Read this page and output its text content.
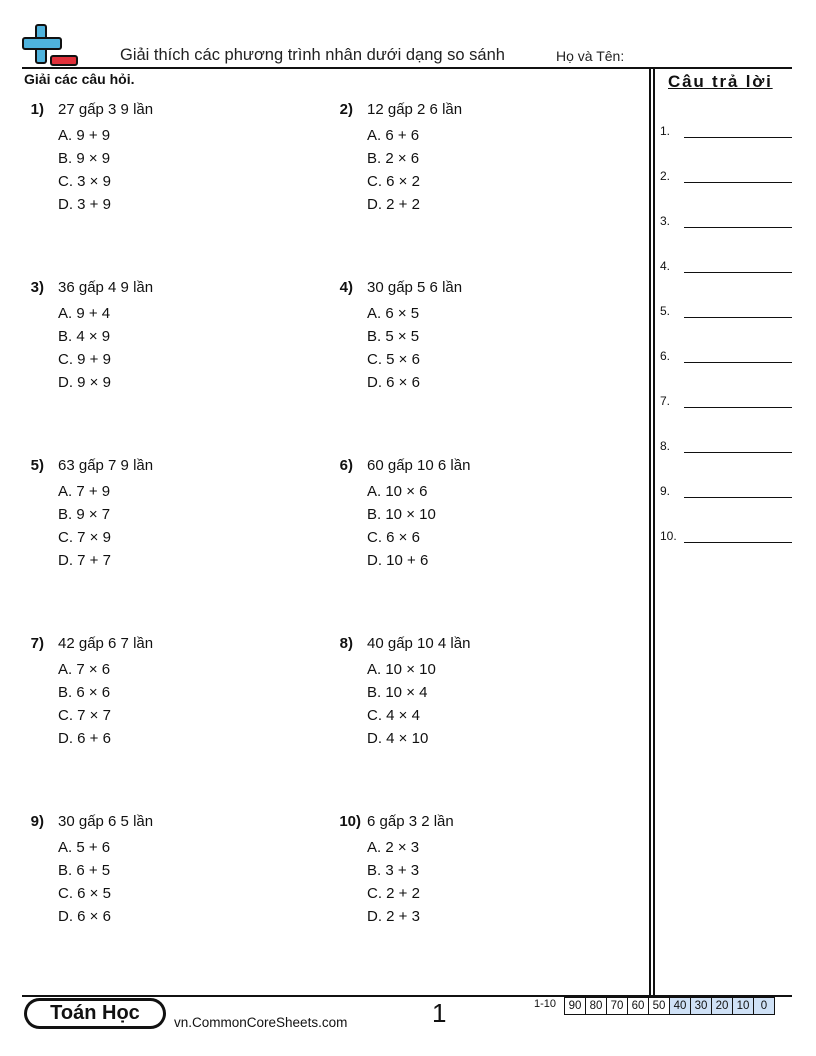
Giải thích các phương trình nhân dưới dạng so sánh	Họ và Tên:
Giải các câu hỏi.
1) 27 gấp 3 9 lần
A. 9 + 9
B. 9 × 9
C. 3 × 9
D. 3 + 9
2) 12 gấp 2 6 lần
A. 6 + 6
B. 2 × 6
C. 6 × 2
D. 2 + 2
3) 36 gấp 4 9 lần
A. 9 + 4
B. 4 × 9
C. 9 + 9
D. 9 × 9
4) 30 gấp 5 6 lần
A. 6 × 5
B. 5 × 5
C. 5 × 6
D. 6 × 6
5) 63 gấp 7 9 lần
A. 7 + 9
B. 9 × 7
C. 7 × 9
D. 7 + 7
6) 60 gấp 10 6 lần
A. 10 × 6
B. 10 × 10
C. 6 × 6
D. 10 + 6
7) 42 gấp 6 7 lần
A. 7 × 6
B. 6 × 6
C. 7 × 7
D. 6 + 6
8) 40 gấp 10 4 lần
A. 10 × 10
B. 10 × 4
C. 4 × 4
D. 4 × 10
9) 30 gấp 6 5 lần
A. 5 + 6
B. 6 + 5
C. 6 × 5
D. 6 × 6
10) 6 gấp 3 2 lần
A. 2 × 3
B. 3 + 3
C. 2 + 2
D. 2 + 3
Câu trả lời
1.
2.
3.
4.
5.
6.
7.
8.
9.
10.
Toán Học	vn.CommonCoreSheets.com	1	1-10	90 80 70 60 50 40 30 20 10 0
